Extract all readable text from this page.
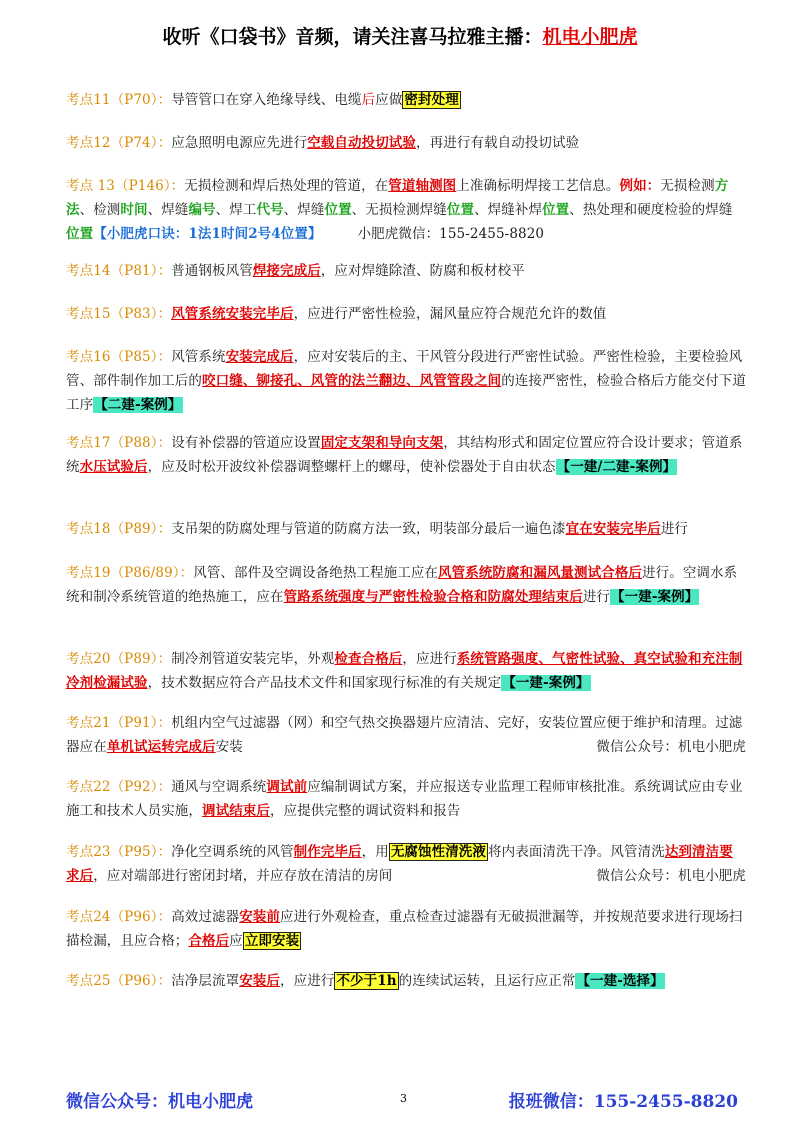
收听《口袋书》音频，请关注喜马拉雅主播：机电小肥虎
考点11（P70）：导管管口在穿入绝缘导线、电缆后应做 密封处理
考点12（P74）：应急照明电源应先进行空载自动投切试验，再进行有载自动投切试验
考点 13（P146）：无损检测和焊后热处理的管道，在管道轴测图上准确标明焊接工艺信息。例如：无损检测方法、检测时间、焊缝编号、焊工代号、焊缝位置、无损检测焊缝位置、焊缝补焊位置、热处理和硬度检验的焊缝位置【小肥虎口诀：1法1时间2号4位置】	小肥虎微信：155-2455-8820
考点14（P81）：普通钢板风管焊接完成后，应对焊缝除渣、防腐和板材校平
考点15（P83）：风管系统安装完毕后，应进行严密性检验，漏风量应符合规范允许的数值
考点16（P85）：风管系统安装完成后，应对安装后的主、干风管分段进行严密性试验。严密性检验，主要检验风管、部件制作加工后的咬口缝、铆接孔、风管的法兰翻边、风管管段之间的连接严密性，检验合格后方能交付下道工序【二建-案例】
考点17（P88）：设有补偿器的管道应设置固定支架和导向支架，其结构形式和固定位置应符合设计要求；管道系统水压试验后，应及时松开波纹补偿器调整螺杆上的螺母，使补偿器处于自由状态【一建/二建-案例】
考点18（P89）：支吊架的防腐处理与管道的防腐方法一致，明装部分最后一遍色漆宜在安装完毕后进行
考点19（P86/89）：风管、部件及空调设备绝热工程施工应在风管系统防腐和漏风量测试合格后进行。空调水系统和制冷系统管道的绝热施工，应在管路系统强度与严密性检验合格和防腐处理结束后进行【一建-案例】
考点20（P89）：制冷剂管道安装完毕，外观检查合格后，应进行系统管路强度、气密性试验、真空试验和充注制冷剂检漏试验，技术数据应符合产品技术文件和国家现行标准的有关规定【一建-案例】
考点21（P91）：机组内空气过滤器（网）和空气热交换器翅片应清洁、完好，安装位置应便于维护和清理。过滤器应在单机试运转完成后安装	微信公众号：机电小肥虎
考点22（P92）：通风与空调系统调试前应编制调试方案，并应报送专业监理工程师审核批准。系统调试应由专业施工和技术人员实施，调试结束后，应提供完整的调试资料和报告
考点23（P95）：净化空调系统的风管制作完毕后，用 无腐蚀性清洗液 将内表面清洗干净。风管清洗达到清洁要求后，应对端部进行密闭封堵，并应存放在清洁的房间	微信公众号：机电小肥虎
考点24（P96）：高效过滤器安装前应进行外观检查，重点检查过滤器有无破损泄漏等，并按规范要求进行现场扫描检漏，且应合格；合格后应 立即安装
考点25（P96）：洁净层流罩安装后，应进行 不少于1h 的连续试运转，且运行应正常【一建-选择】
微信公众号：机电小肥虎	3	报班微信：155-2455-8820
